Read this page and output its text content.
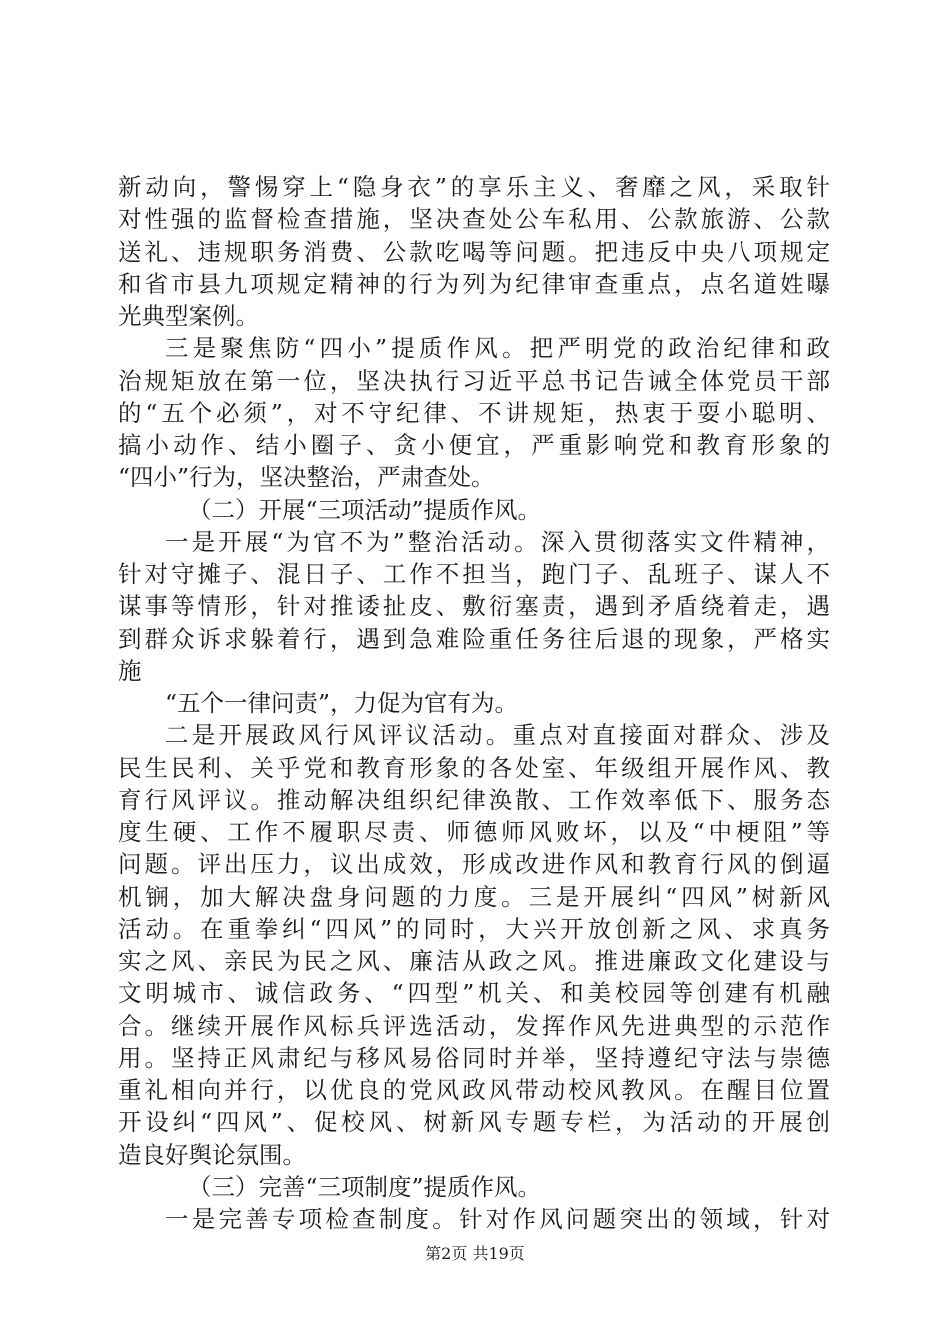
新动向，警惕穿上“隐身衣”的享乐主义、奢靡之风，采取针
对性强的监督检查措施，坚决查处公车私用、公款旅游、公款
送礼、违规职务消费、公款吃喝等问题。把违反中央八项规定
和省市县九项规定精神的行为列为纪律审查重点，点名道姓曝
光典型案例。
三是聚焦防“四小”提质作风。把严明党的政治纪律和政
治规矩放在第一位，坚决执行习近平总书记告诫全体党员干部
的“五个必须”，对不守纪律、不讲规矩，热衷于耍小聪明、
搞小动作、结小圈子、贪小便宜，严重影响党和教育形象的
“四小”行为，坚决整治，严肃查处。
（二）开展“三项活动”提质作风。
一是开展“为官不为”整治活动。深入贯彻落实文件精神，
针对守摊子、混日子、工作不担当，跑门子、乱班子、谋人不
谋事等情形，针对推诿扯皮、敷衍塞责，遇到矛盾绕着走，遇
到群众诉求躲着行，遇到急难险重任务往后退的现象，严格实
施
“五个一律问责”，力促为官有为。
二是开展政风行风评议活动。重点对直接面对群众、涉及
民生民利、关乎党和教育形象的各处室、年级组开展作风、教
育行风评议。推动解决组织纪律涣散、工作效率低下、服务态
度生硬、工作不履职尽责、师德师风败坏，以及“中梗阻”等
问题。评出压力，议出成效，形成改进作风和教育行风的倒逼
机锎，加大解决盘身问题的力度。三是开展纠“四风”树新风
活动。在重拳纠“四风”的同时，大兴开放创新之风、求真务
实之风、亲民为民之风、廉洁从政之风。推进廉政文化建设与
文明城市、诚信政务、“四型”机关、和美校园等创建有机融
合。继续开展作风标兵评选活动，发挥作风先进典型的示范作
用。坚持正风肃纪与移风易俗同时并举，坚持遵纪守法与崇德
重礼相向并行，以优良的党风政风带动校风教风。在醒目位置
开设纠“四风”、促校风、树新风专题专栏，为活动的开展创
造良好舆论氛围。
（三）完善“三项制度”提质作风。
一是完善专项检查制度。针对作风问题突出的领域，针对
第2页 共19页
